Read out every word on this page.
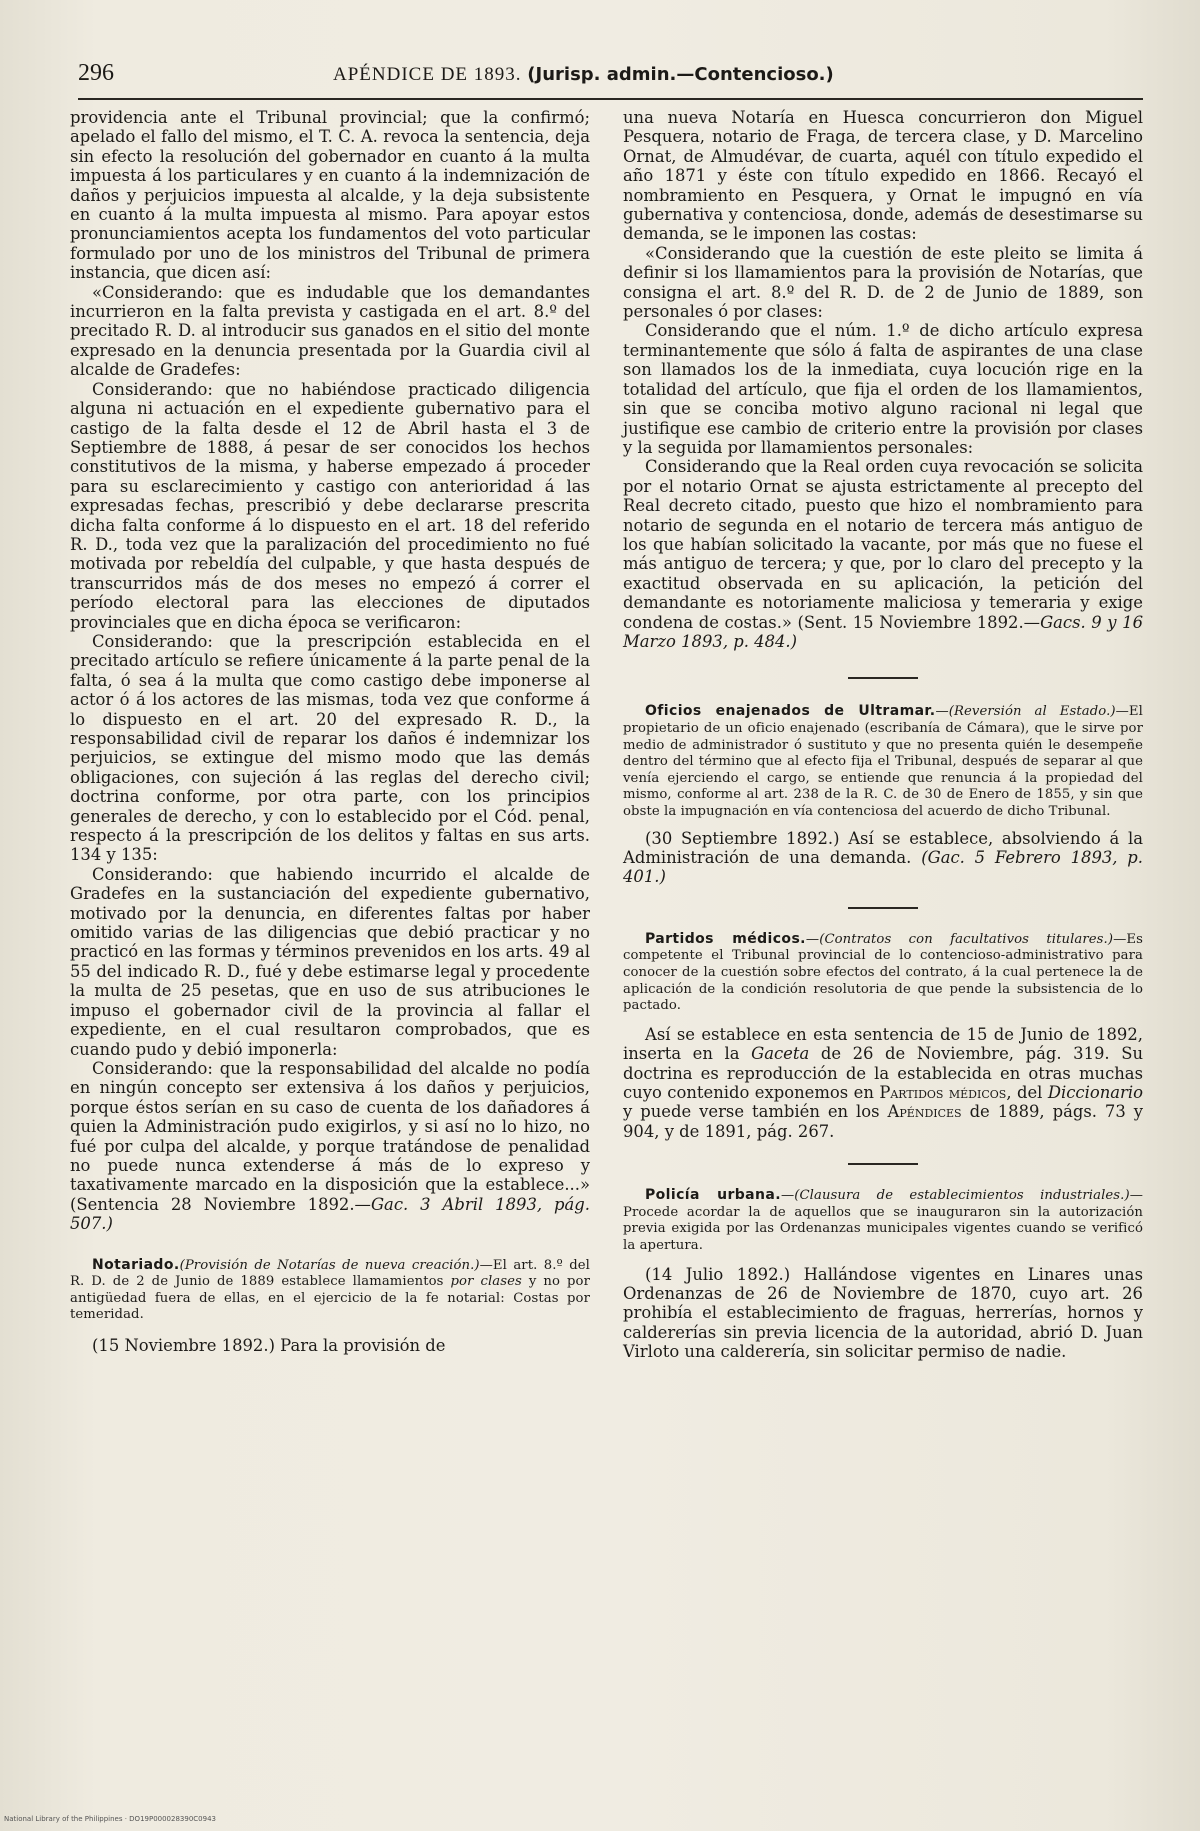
296	APÉNDICE DE 1893. (Jurisp. admin.—Contencioso.)

providencia ante el Tribunal provincial; que la confirmó; apelado el fallo del mismo, el T. C. A. revoca la sentencia, deja sin efecto la resolución del gobernador en cuanto á la multa impuesta á los particulares y en cuanto á la indemnización de daños y perjuicios impuesta al alcalde, y la deja subsistente en cuanto á la multa impuesta al mismo. Para apoyar estos pronunciamientos acepta los fundamentos del voto particular formulado por uno de los ministros del Tribunal de primera instancia, que dicen así:

«Considerando: que es indudable que los demandantes incurrieron en la falta prevista y castigada en el art. 8.º del precitado R. D. al introducir sus ganados en el sitio del monte expresado en la denuncia presentada por la Guardia civil al alcalde de Gradefes:

Considerando: que no habiéndose practicado diligencia alguna ni actuación en el expediente gubernativo para el castigo de la falta desde el 12 de Abril hasta el 3 de Septiembre de 1888, á pesar de ser conocidos los hechos constitutivos de la misma, y haberse empezado á proceder para su esclarecimiento y castigo con anterioridad á las expresadas fechas, prescribió y debe declararse prescrita dicha falta conforme á lo dispuesto en el art. 18 del referido R. D., toda vez que la paralización del procedimiento no fué motivada por rebeldía del culpable, y que hasta después de transcurridos más de dos meses no empezó á correr el período electoral para las elecciones de diputados provinciales que en dicha época se verificaron:

Considerando: que la prescripción establecida en el precitado artículo se refiere únicamente á la parte penal de la falta, ó sea á la multa que como castigo debe imponerse al actor ó á los actores de las mismas, toda vez que conforme á lo dispuesto en el art. 20 del expresado R. D., la responsabilidad civil de reparar los daños é indemnizar los perjuicios, se extingue del mismo modo que las demás obligaciones, con sujeción á las reglas del derecho civil; doctrina conforme, por otra parte, con los principios generales de derecho, y con lo establecido por el Cód. penal, respecto á la prescripción de los delitos y faltas en sus arts. 134 y 135:

Considerando: que habiendo incurrido el alcalde de Gradefes en la sustanciación del expediente gubernativo, motivado por la denuncia, en diferentes faltas por haber omitido varias de las diligencias que debió practicar y no practicó en las formas y términos prevenidos en los arts. 49 al 55 del indicado R. D., fué y debe estimarse legal y procedente la multa de 25 pesetas, que en uso de sus atribuciones le impuso el gobernador civil de la provincia al fallar el expediente, en el cual resultaron comprobados, que es cuando pudo y debió imponerla:

Considerando: que la responsabilidad del alcalde no podía en ningún concepto ser extensiva á los daños y perjuicios, porque éstos serían en su caso de cuenta de los dañadores á quien la Administración pudo exigirlos, y si así no lo hizo, no fué por culpa del alcalde, y porque tratándose de penalidad no puede nunca extenderse á más de lo expreso y taxativamente marcado en la disposición que la establece...» (Sentencia 28 Noviembre 1892.—Gac. 3 Abril 1893, pág. 507.)

Notariado.(Provisión de Notarías de nueva creación.)—El art. 8.º del R. D. de 2 de Junio de 1889 establece llamamientos por clases y no por antigüedad fuera de ellas, en el ejercicio de la fe notarial: Costas por temeridad.

(15 Noviembre 1892.) Para la provisión de

una nueva Notaría en Huesca concurrieron don Miguel Pesquera, notario de Fraga, de tercera clase, y D. Marcelino Ornat, de Almudévar, de cuarta, aquél con título expedido el año 1871 y éste con título expedido en 1866. Recayó el nombramiento en Pesquera, y Ornat le impugnó en vía gubernativa y contenciosa, donde, además de desestimarse su demanda, se le imponen las costas:

«Considerando que la cuestión de este pleito se limita á definir si los llamamientos para la provisión de Notarías, que consigna el art. 8.º del R. D. de 2 de Junio de 1889, son personales ó por clases:

Considerando que el núm. 1.º de dicho artículo expresa terminantemente que sólo á falta de aspirantes de una clase son llamados los de la inmediata, cuya locución rige en la totalidad del artículo, que fija el orden de los llamamientos, sin que se conciba motivo alguno racional ni legal que justifique ese cambio de criterio entre la provisión por clases y la seguida por llamamientos personales:

Considerando que la Real orden cuya revocación se solicita por el notario Ornat se ajusta estrictamente al precepto del Real decreto citado, puesto que hizo el nombramiento para notario de segunda en el notario de tercera más antiguo de los que habían solicitado la vacante, por más que no fuese el más antiguo de tercera; y que, por lo claro del precepto y la exactitud observada en su aplicación, la petición del demandante es notoriamente maliciosa y temeraria y exige condena de costas.» (Sent. 15 Noviembre 1892.—Gacs. 9 y 16 Marzo 1893, p. 484.)

Oficios enajenados de Ultramar.—(Reversión al Estado.)—El propietario de un oficio enajenado (escribanía de Cámara), que le sirve por medio de administrador ó sustituto y que no presenta quién le desempeñe dentro del término que al efecto fija el Tribunal, después de separar al que venía ejerciendo el cargo, se entiende que renuncia á la propiedad del mismo, conforme al art. 238 de la R. C. de 30 de Enero de 1855, y sin que obste la impugnación en vía contenciosa del acuerdo de dicho Tribunal.

(30 Septiembre 1892.) Así se establece, absolviendo á la Administración de una demanda. (Gac. 5 Febrero 1893, p. 401.)

Partidos médicos.—(Contratos con facultativos titulares.)—Es competente el Tribunal provincial de lo contencioso-administrativo para conocer de la cuestión sobre efectos del contrato, á la cual pertenece la de aplicación de la condición resolutoria de que pende la subsistencia de lo pactado.

Así se establece en esta sentencia de 15 de Junio de 1892, inserta en la Gaceta de 26 de Noviembre, pág. 319. Su doctrina es reproducción de la establecida en otras muchas cuyo contenido exponemos en Partidos médicos, del Diccionario y puede verse también en los Apéndices de 1889, págs. 73 y 904, y de 1891, pág. 267.

Policía urbana.—(Clausura de establecimientos industriales.)—Procede acordar la de aquellos que se inauguraron sin la autorización previa exigida por las Ordenanzas municipales vigentes cuando se verificó la apertura.

(14 Julio 1892.) Hallándose vigentes en Linares unas Ordenanzas de 26 de Noviembre de 1870, cuyo art. 26 prohibía el establecimiento de fraguas, herrerías, hornos y caldererías sin previa licencia de la autoridad, abrió D. Juan Virloto una calderería, sin solicitar permiso de nadie.

National Library of the Philippines · DO19P000028390C0943
